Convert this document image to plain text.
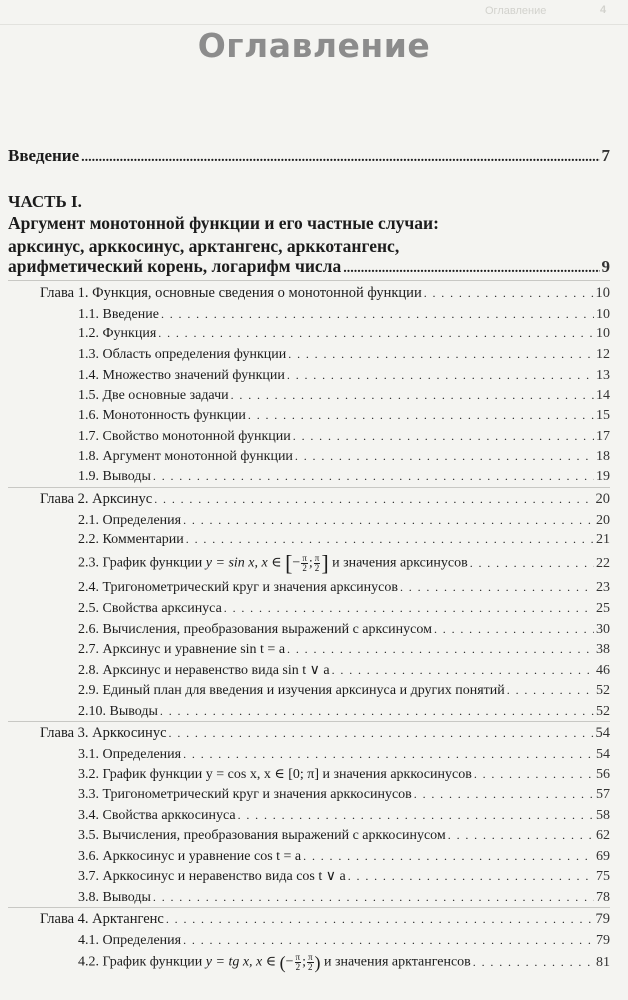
Оглавление	4
Оглавление
Введение .....	7
ЧАСТЬ I.
Аргумент монотонной функции и его частные случаи:
арксинус, арккосинус, арктангенс, арккотангенс,
арифметический корень, логарифм числа .....	9
Глава 1. Функция, основные сведения о монотонной функции . . .	10
1.1. Введение . . .	10
1.2. Функция . . .	10
1.3. Область определения функции . . .	12
1.4. Множество значений функции . . .	13
1.5. Две основные задачи . . .	14
1.6. Монотонность функции . . .	15
1.7. Свойство монотонной функции . . .	17
1.8. Аргумент монотонной функции . . .	18
1.9. Выводы . . .	19
Глава 2. Арксинус . . .	20
2.1. Определения . . .	20
2.2. Комментарии . . .	21
2.3. График функции y = sin x, x ∈ [− $\frac{\pi}{2}$ ; $\frac{\pi}{2}$ ] и значения арксинусов . . .	22
2.4. Тригонометрический круг и значения арксинусов . . .	23
2.5. Свойства арксинуса . . .	25
2.6. Вычисления, преобразования выражений с арксинусом . . .	30
2.7. Арксинус и уравнение sin t = a . . .	38
2.8. Арксинус и неравенство вида sin t ∨ a . . .	46
2.9. Единый план для введения и изучения арксинуса и других понятий . . .	52
2.10. Выводы . . .	52
Глава 3. Арккосинус . . .	54
3.1. Определения . . .	54
3.2. График функции y = cos x, x ∈ [0; π] и значения арккосинусов . . .	56
3.3. Тригонометрический круг и значения арккосинусов . . .	57
3.4. Свойства арккосинуса . . .	58
3.5. Вычисления, преобразования выражений с арккосинусом . . .	62
3.6. Арккосинус и уравнение cos t = a . . .	69
3.7. Арккосинус и неравенство вида cos t ∨ a . . .	75
3.8. Выводы . . .	78
Глава 4. Арктангенс . . .	79
4.1. Определения . . .	79
4.2. График функции y = tg x, x ∈ (− $\frac{\pi}{2}$ ; $\frac{\pi}{2}$ ) и значения арктангенсов . . .	81
